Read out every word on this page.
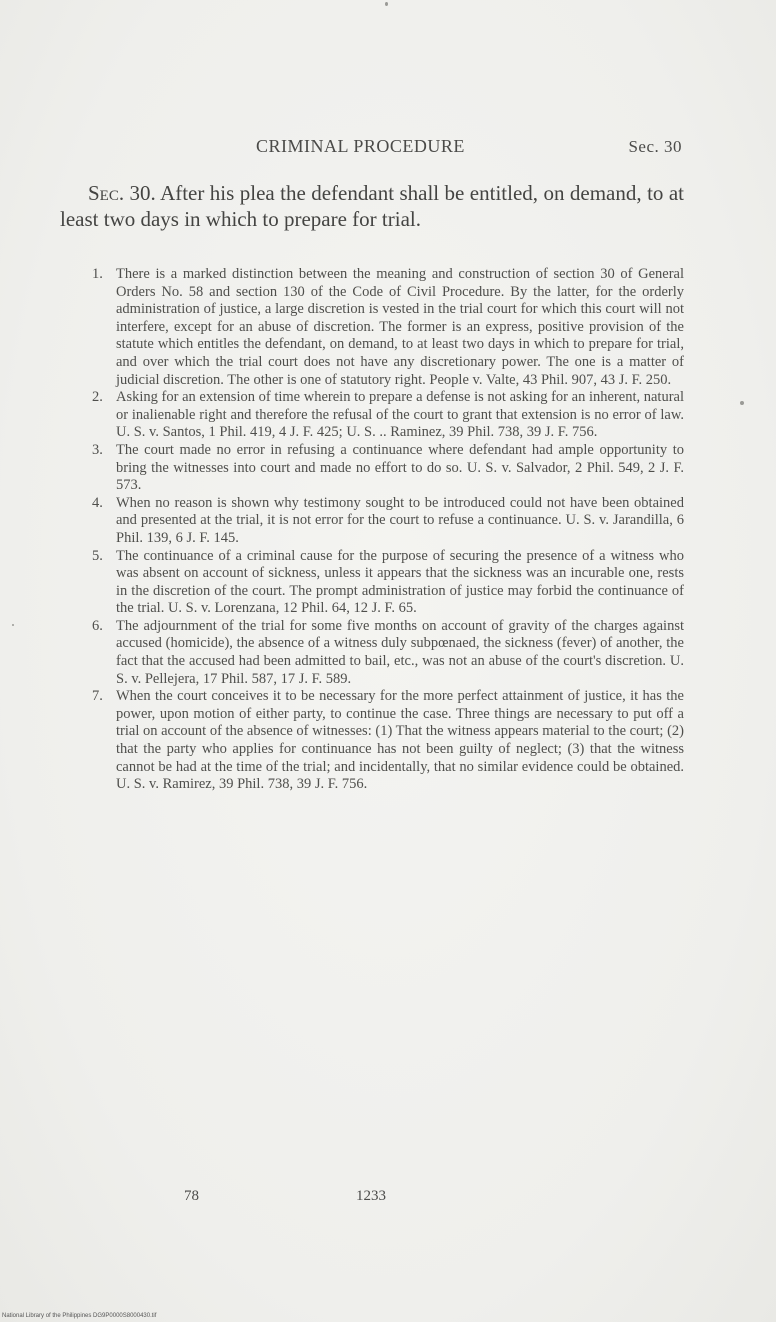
CRIMINAL PROCEDURE	Sec. 30

Sec. 30. After his plea the defendant shall be entitled, on demand, to at least two days in which to prepare for trial.

1. There is a marked distinction between the meaning and construction of section 30 of General Orders No. 58 and section 130 of the Code of Civil Procedure. By the latter, for the orderly administration of justice, a large discretion is vested in the trial court for which this court will not interfere, except for an abuse of discretion. The former is an express, positive provision of the statute which entitles the defendant, on demand, to at least two days in which to prepare for trial, and over which the trial court does not have any discretionary power. The one is a matter of judicial discretion. The other is one of statutory right. People v. Valte, 43 Phil. 907, 43 J. F. 250.
2. Asking for an extension of time wherein to prepare a defense is not asking for an inherent, natural or inalienable right and therefore the refusal of the court to grant that extension is no error of law. U. S. v. Santos, 1 Phil. 419, 4 J. F. 425; U. S. .. Raminez, 39 Phil. 738, 39 J. F. 756.
3. The court made no error in refusing a continuance where defendant had ample opportunity to bring the witnesses into court and made no effort to do so. U. S. v. Salvador, 2 Phil. 549, 2 J. F. 573.
4. When no reason is shown why testimony sought to be introduced could not have been obtained and presented at the trial, it is not error for the court to refuse a continuance. U. S. v. Jarandilla, 6 Phil. 139, 6 J. F. 145.
5. The continuance of a criminal cause for the purpose of securing the presence of a witness who was absent on account of sickness, unless it appears that the sickness was an incurable one, rests in the discretion of the court. The prompt administration of justice may forbid the continuance of the trial. U. S. v. Lorenzana, 12 Phil. 64, 12 J. F. 65.
6. The adjournment of the trial for some five months on account of gravity of the charges against accused (homicide), the absence of a witness duly subpœnaed, the sickness (fever) of another, the fact that the accused had been admitted to bail, etc., was not an abuse of the court's discretion. U. S. v. Pellejera, 17 Phil. 587, 17 J. F. 589.
7. When the court conceives it to be necessary for the more perfect attainment of justice, it has the power, upon motion of either party, to continue the case. Three things are necessary to put off a trial on account of the absence of witnesses: (1) That the witness appears material to the court; (2) that the party who applies for continuance has not been guilty of neglect; (3) that the witness cannot be had at the time of the trial; and incidentally, that no similar evidence could be obtained. U. S. v. Ramirez, 39 Phil. 738, 39 J. F. 756.
78	1233
National Library of the Philippines DG9P0000S8000430.tif
